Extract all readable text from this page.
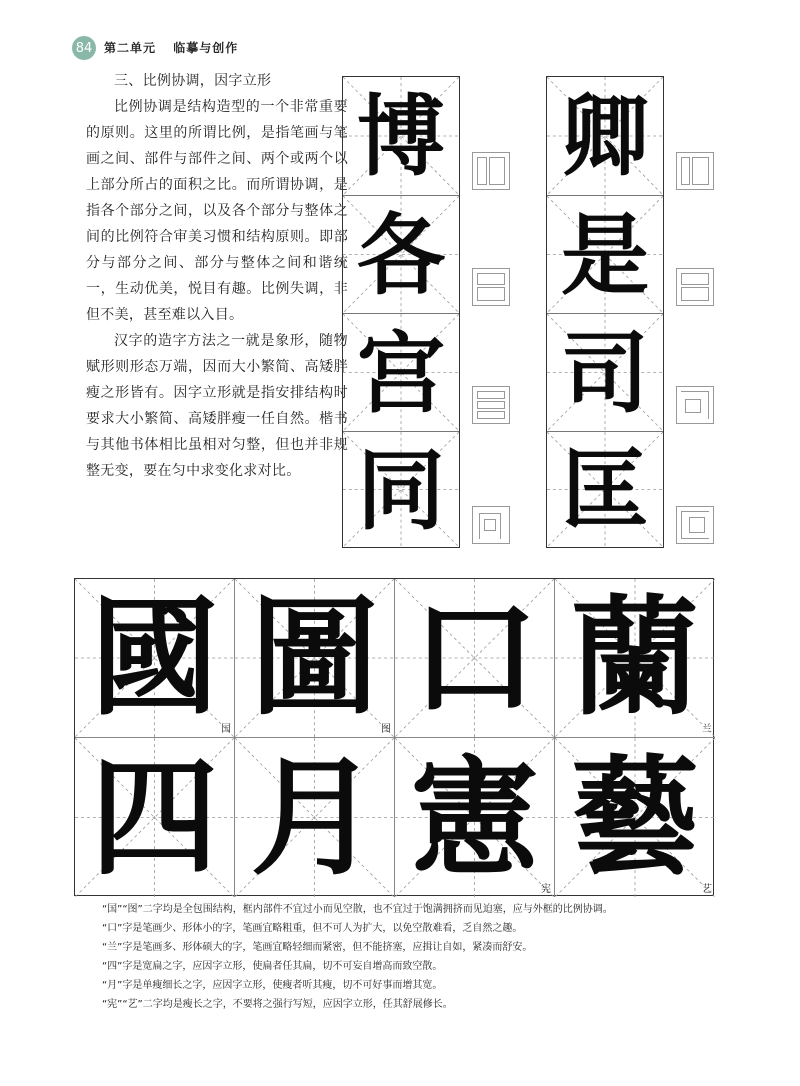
84 第二单元 临摹与创作
三、比例协调，因字立形

比例协调是结构造型的一个非常重要的原则。这里的所谓比例，是指笔画与笔画之间、部件与部件之间、两个或两个以上部分所占的面积之比。而所谓协调，是指各个部分之间，以及各个部分与整体之间的比例符合审美习惯和结构原则。即部分与部分之间、部分与整体之间和谐统一，生动优美，悦目有趣。比例失调，非但不美，甚至难以入目。

汉字的造字方法之一就是象形，随物赋形则形态万端，因而大小繁简、高矮胖瘦之形皆有。因字立形就是指安排结构时要求大小繁简、高矮胖瘦一任自然。楷书与其他书体相比虽相对匀整，但也并非规整无变，要在匀中求变化求对比。

博
各
宫
同
卿
是
司
匡
國 国 圖 图 口 蘭 兰
四 月 憲 宪 藝 艺
“国”“图”二字均是全包围结构，框内部件不宜过小而见空散，也不宜过于饱满拥挤而见迫塞，应与外框的比例协调。
“口”字是笔画少、形体小的字，笔画宜略粗重，但不可人为扩大，以免空散难看，乏自然之趣。
“兰”字是笔画多、形体硕大的字，笔画宜略轻细而紧密，但不能挤塞，应揖让自如，紧凑而舒安。
“四”字是宽扁之字，应因字立形，使扁者任其扁，切不可妄自增高而致空散。
“月”字是单瘦细长之字，应因字立形，使瘦者听其瘦，切不可好事而增其宽。
“宪”“艺”二字均是瘦长之字，不要将之强行写短，应因字立形，任其舒展修长。
